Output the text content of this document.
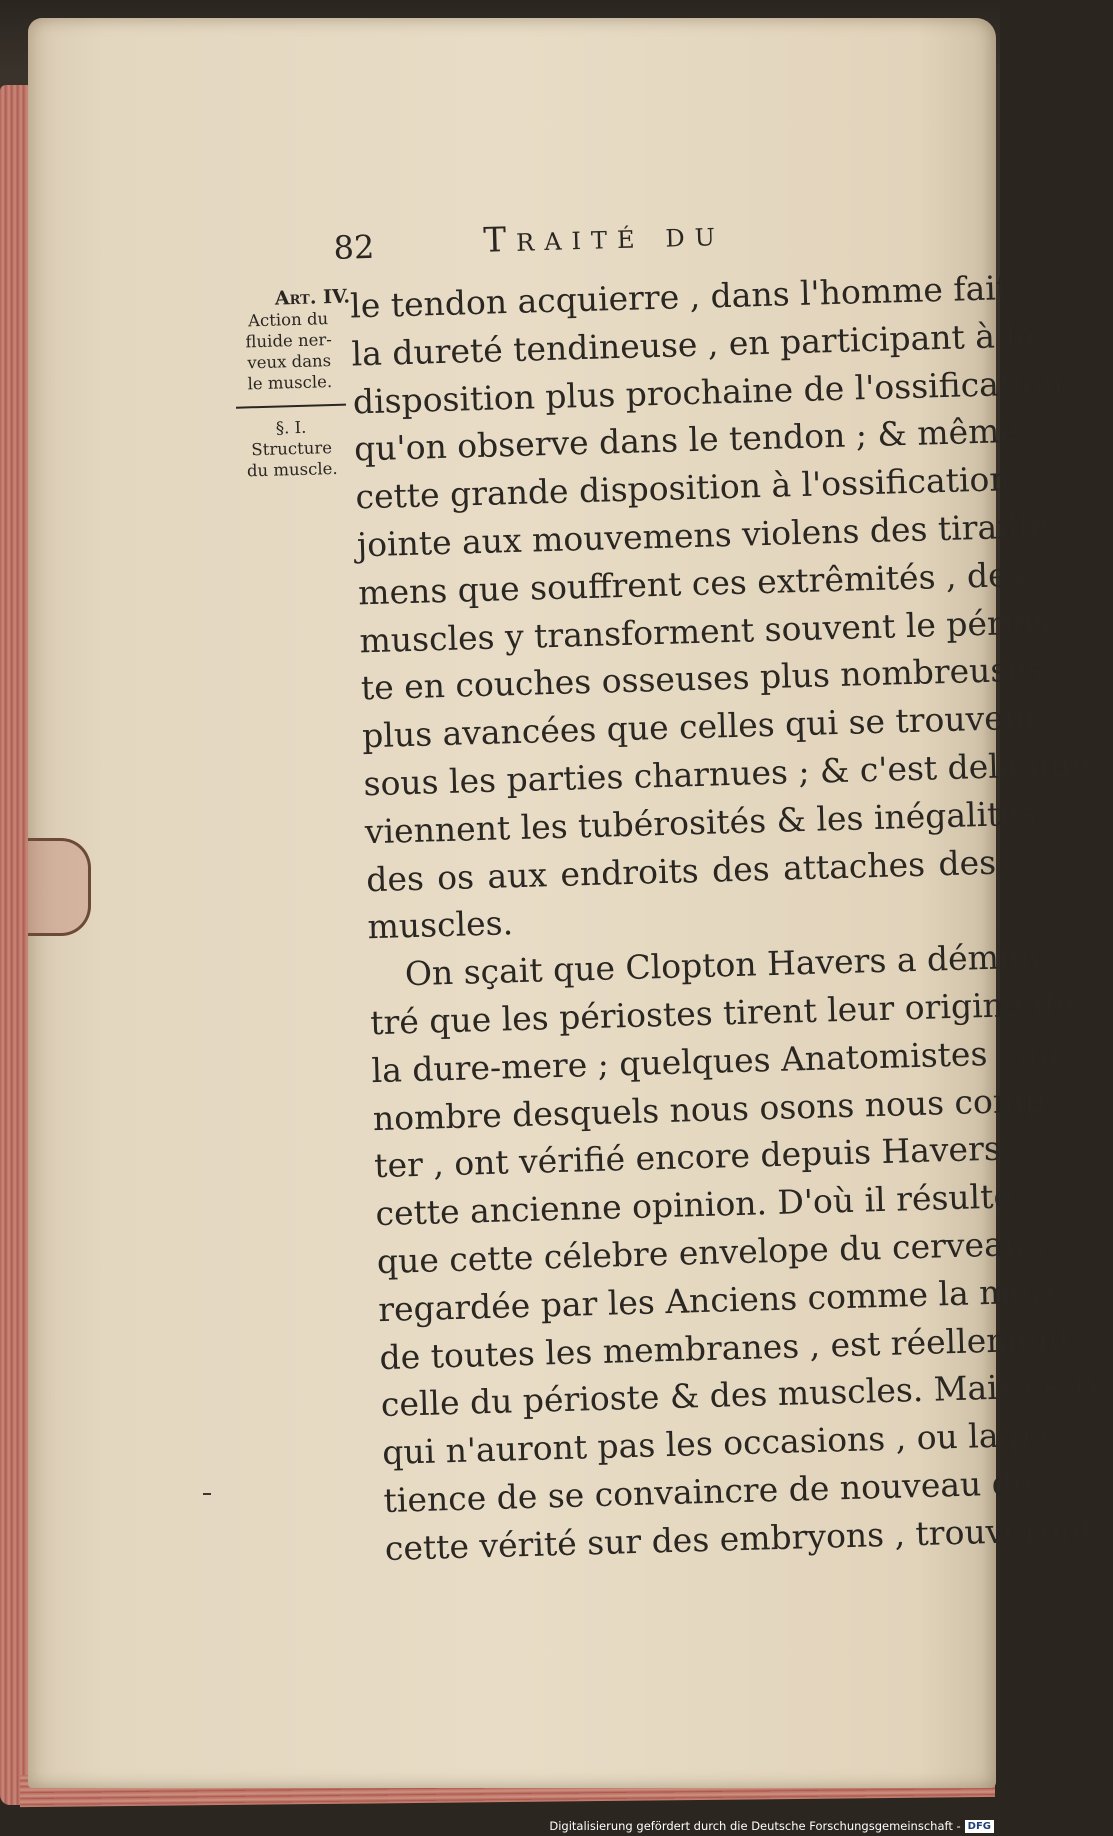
82	Traité du
Art. IV.
Action du
fluide ner-
veux dans
le muscle.
§. I.
Structure
du muscle.
le tendon acquierre , dans l'homme fait ,
la dureté tendineuse , en participant à la
disposition plus prochaine de l'ossification
qu'on observe dans le tendon ; & même
cette grande disposition à l'ossification ,
jointe aux mouvemens violens des tiraille-
mens que souffrent ces extrêmités , des
muscles y transforment souvent le périos-
te en couches osseuses plus nombreuses ,
plus avancées que celles qui se trouvent
sous les parties charnues ; & c'est delà que
viennent les tubérosités & les inégalités
des os aux endroits des attaches des
muscles.
On sçait que Clopton Havers a démon-
tré que les périostes tirent leur origine de
la dure-mere ; quelques Anatomistes , au
nombre desquels nous osons nous comp-
ter , ont vérifié encore depuis Havers ,
cette ancienne opinion. D'où il résulte
que cette célebre envelope du cerveau ,
regardée par les Anciens comme la mere
de toutes les membranes , est réellement
celle du périoste & des muscles. Mais ceux
qui n'auront pas les occasions , ou la pa-
tience de se convaincre de nouveau de
cette vérité sur des embryons , trouveront
Digitalisierung gefördert durch die Deutsche Forschungsgemeinschaft - DFG
